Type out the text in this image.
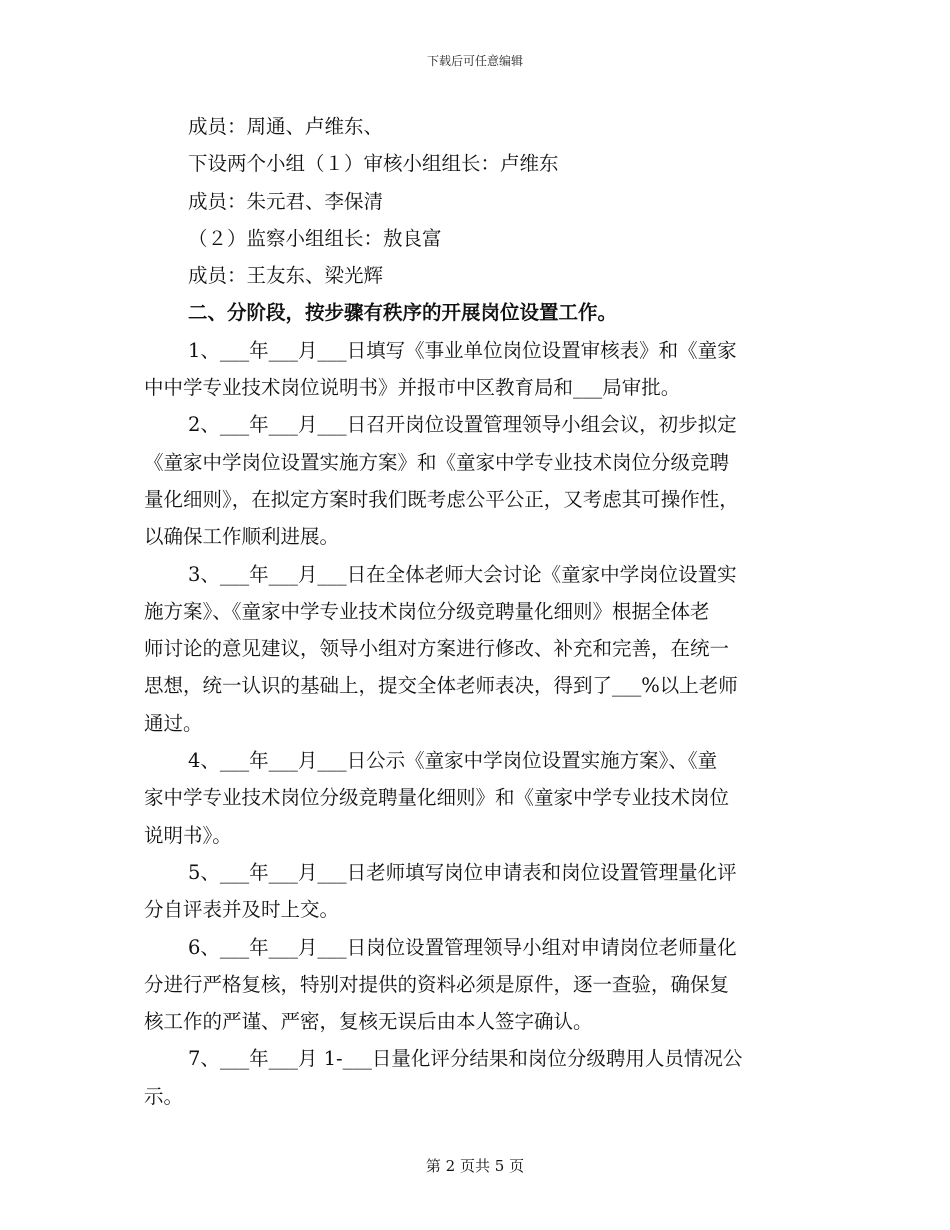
下载后可任意编辑
成员：周通、卢维东、
下设两个小组（１）审核小组组长：卢维东
成员：朱元君、李保清
（２）监察小组组长：敖良富
成员：王友东、梁光辉
二、分阶段，按步骤有秩序的开展岗位设置工作。
1、___年___月___日填写《事业单位岗位设置审核表》和《童家
中中学专业技术岗位说明书》并报市中区教育局和___局审批。
2、___年___月___日召开岗位设置管理领导小组会议，初步拟定
《童家中学岗位设置实施方案》和《童家中学专业技术岗位分级竞聘
量化细则》，在拟定方案时我们既考虑公平公正，又考虑其可操作性，
以确保工作顺利进展。
3、___年___月___日在全体老师大会讨论《童家中学岗位设置实
施方案》、《童家中学专业技术岗位分级竞聘量化细则》根据全体老
师讨论的意见建议，领导小组对方案进行修改、补充和完善，在统一
思想，统一认识的基础上，提交全体老师表决，得到了___%以上老师
通过。
4、___年___月___日公示《童家中学岗位设置实施方案》、《童
家中学专业技术岗位分级竞聘量化细则》和《童家中学专业技术岗位
说明书》。
5、___年___月___日老师填写岗位申请表和岗位设置管理量化评
分自评表并及时上交。
6、___年___月___日岗位设置管理领导小组对申请岗位老师量化
分进行严格复核，特别对提供的资料必须是原件，逐一查验，确保复
核工作的严谨、严密，复核无误后由本人签字确认。
7、___年___月 1-___日量化评分结果和岗位分级聘用人员情况公
示。
第 2 页共 5 页
